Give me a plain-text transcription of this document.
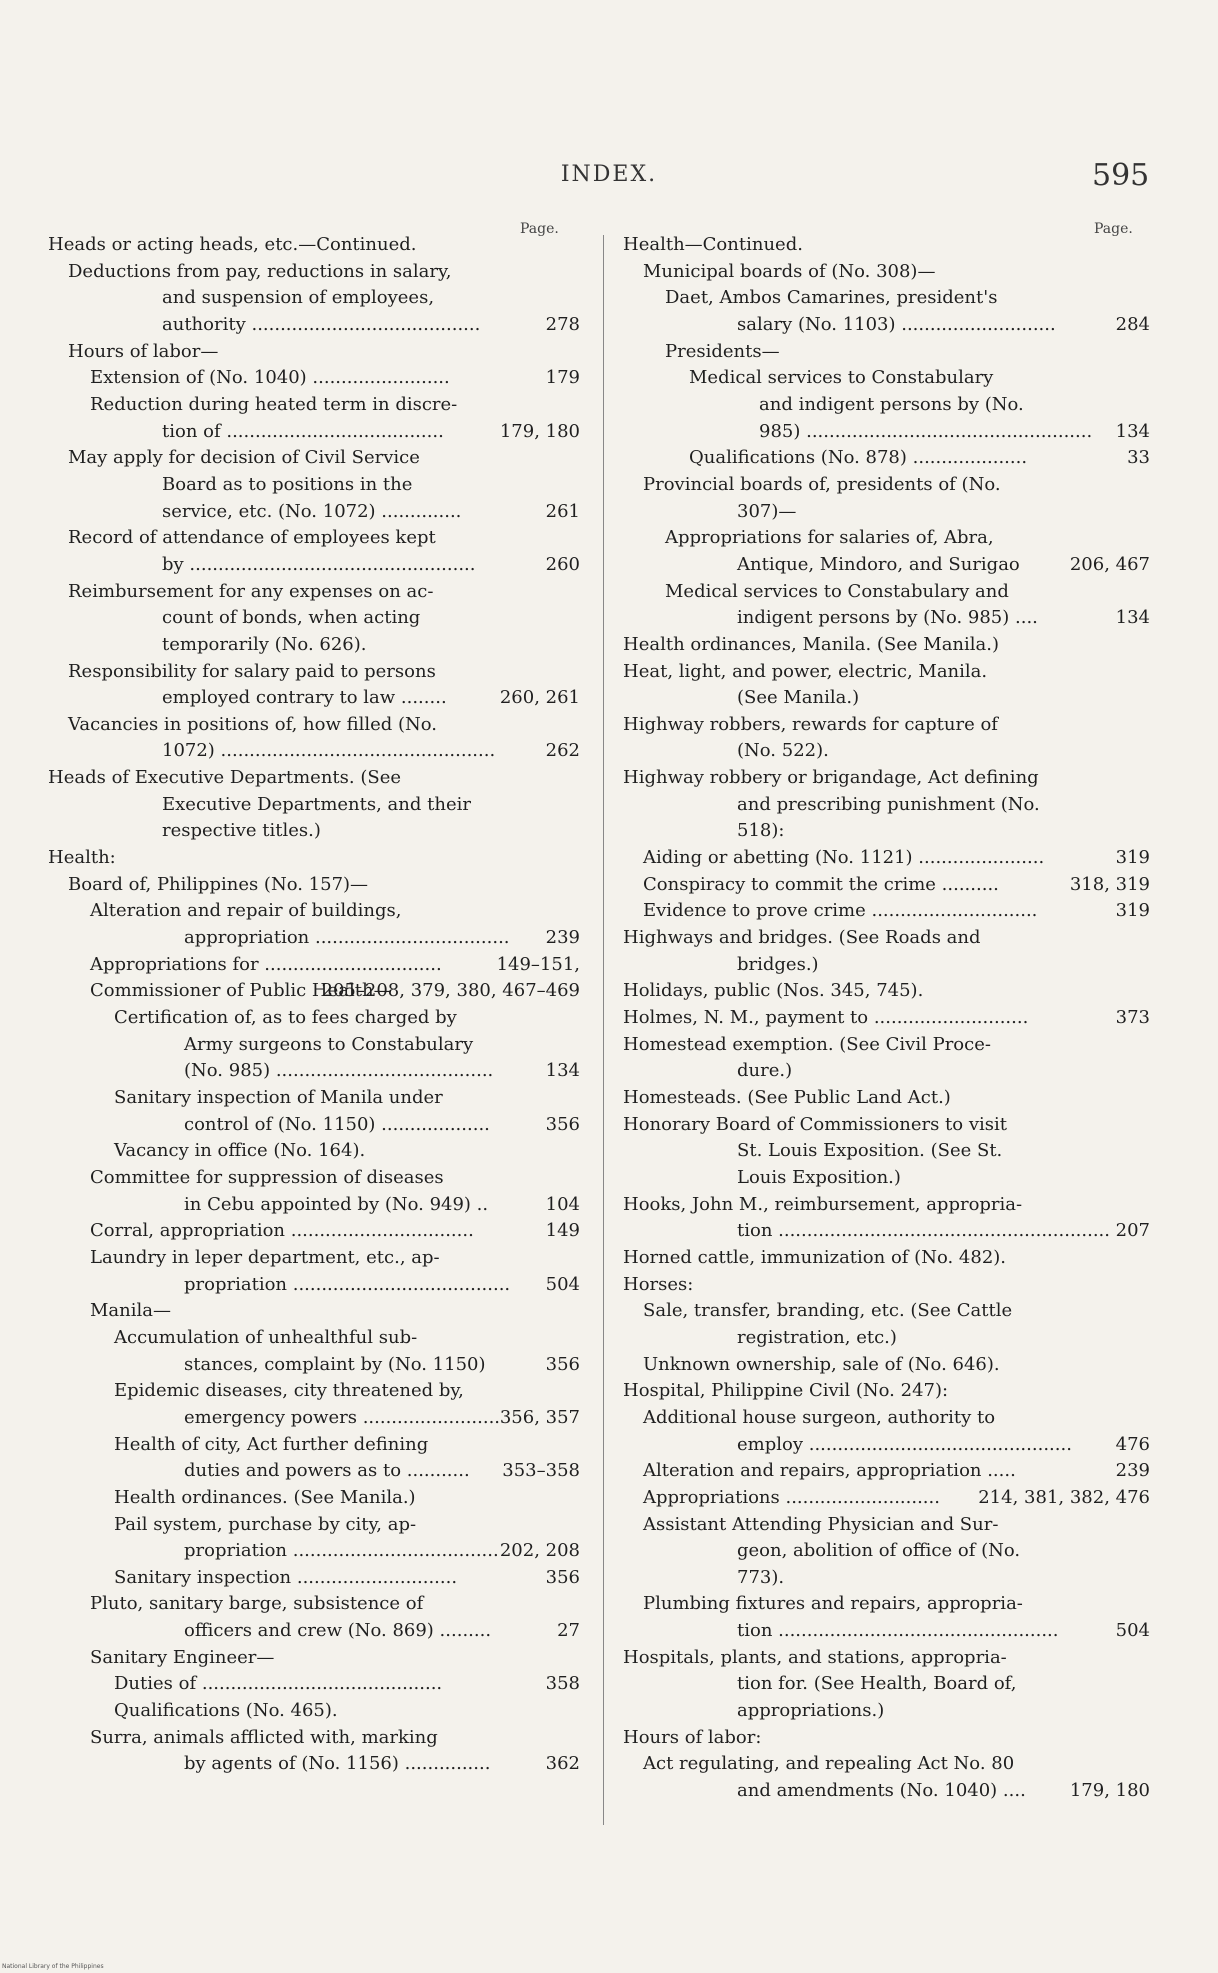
INDEX.	595
Page.	Page.
Heads or acting heads, etc.—Continued.
Deductions from pay, reductions in salary,
and suspension of employees,
authority ........................................	278
Hours of labor—
Extension of (No. 1040) ........................	179
Reduction during heated term in discre-
tion of ......................................	179, 180
May apply for decision of Civil Service
Board as to positions in the
service, etc. (No. 1072) ..............	261
Record of attendance of employees kept
by ..................................................	260
Reimbursement for any expenses on ac-
count of bonds, when acting
temporarily (No. 626).
Responsibility for salary paid to persons
employed contrary to law ........	260, 261
Vacancies in positions of, how filled (No.
1072) ................................................	262
Heads of Executive Departments. (See
Executive Departments, and their
respective titles.)
Health:
Board of, Philippines (No. 157)—
Alteration and repair of buildings,
appropriation .................................. 239
Appropriations for ...............................	149–151,
205–208, 379, 380, 467–469
Commissioner of Public Health—
Certification of, as to fees charged by
Army surgeons to Constabulary
(No. 985) ......................................	134
Sanitary inspection of Manila under
control of (No. 1150) ...................	356
Vacancy in office (No. 164).
Committee for suppression of diseases
in Cebu appointed by (No. 949) ..	104
Corral, appropriation ................................	149
Laundry in leper department, etc., ap-
propriation ...................................... 504
Manila—
Accumulation of unhealthful sub-
stances, complaint by (No. 1150)	356
Epidemic diseases, city threatened by,
emergency powers ........................ 356, 357
Health of city, Act further defining
duties and powers as to ........... 353–358
Health ordinances. (See Manila.)
Pail system, purchase by city, ap-
propriation .................................... 202, 208
Sanitary inspection ............................	356
Pluto, sanitary barge, subsistence of
officers and crew (No. 869) .........	27
Sanitary Engineer—
Duties of ..........................................	358
Qualifications (No. 465).
Surra, animals afflicted with, marking
by agents of (No. 1156) ...............	362
Health—Continued.
Municipal boards of (No. 308)—
Daet, Ambos Camarines, president's
salary (No. 1103) ...........................	284
Presidents—
Medical services to Constabulary
and indigent persons by (No.
985) .................................................. 134
Qualifications (No. 878) ....................	33
Provincial boards of, presidents of (No.
307)—
Appropriations for salaries of, Abra,
Antique, Mindoro, and Surigao	206, 467
Medical services to Constabulary and
indigent persons by (No. 985) ....	134
Health ordinances, Manila. (See Manila.)
Heat, light, and power, electric, Manila.
(See Manila.)
Highway robbers, rewards for capture of
(No. 522).
Highway robbery or brigandage, Act defining
and prescribing punishment (No.
518):
Aiding or abetting (No. 1121) ......................	319
Conspiracy to commit the crime ..........	318, 319
Evidence to prove crime .............................	319
Highways and bridges. (See Roads and
bridges.)
Holidays, public (Nos. 345, 745).
Holmes, N. M., payment to ...........................	373
Homestead exemption. (See Civil Proce-
dure.)
Homesteads. (See Public Land Act.)
Honorary Board of Commissioners to visit
St. Louis Exposition. (See St.
Louis Exposition.)
Hooks, John M., reimbursement, appropria-
tion .......................................................... 207
Horned cattle, immunization of (No. 482).
Horses:
Sale, transfer, branding, etc. (See Cattle
registration, etc.)
Unknown ownership, sale of (No. 646).
Hospital, Philippine Civil (No. 247):
Additional house surgeon, authority to
employ .............................................. 476
Alteration and repairs, appropriation .....	239
Appropriations ........................... 214, 381, 382, 476
Assistant Attending Physician and Sur-
geon, abolition of office of (No.
773).
Plumbing fixtures and repairs, appropria-
tion .................................................	504
Hospitals, plants, and stations, appropria-
tion for. (See Health, Board of,
appropriations.)
Hours of labor:
Act regulating, and repealing Act No. 80
and amendments (No. 1040) .... 179, 180
National Library of the Philippines
